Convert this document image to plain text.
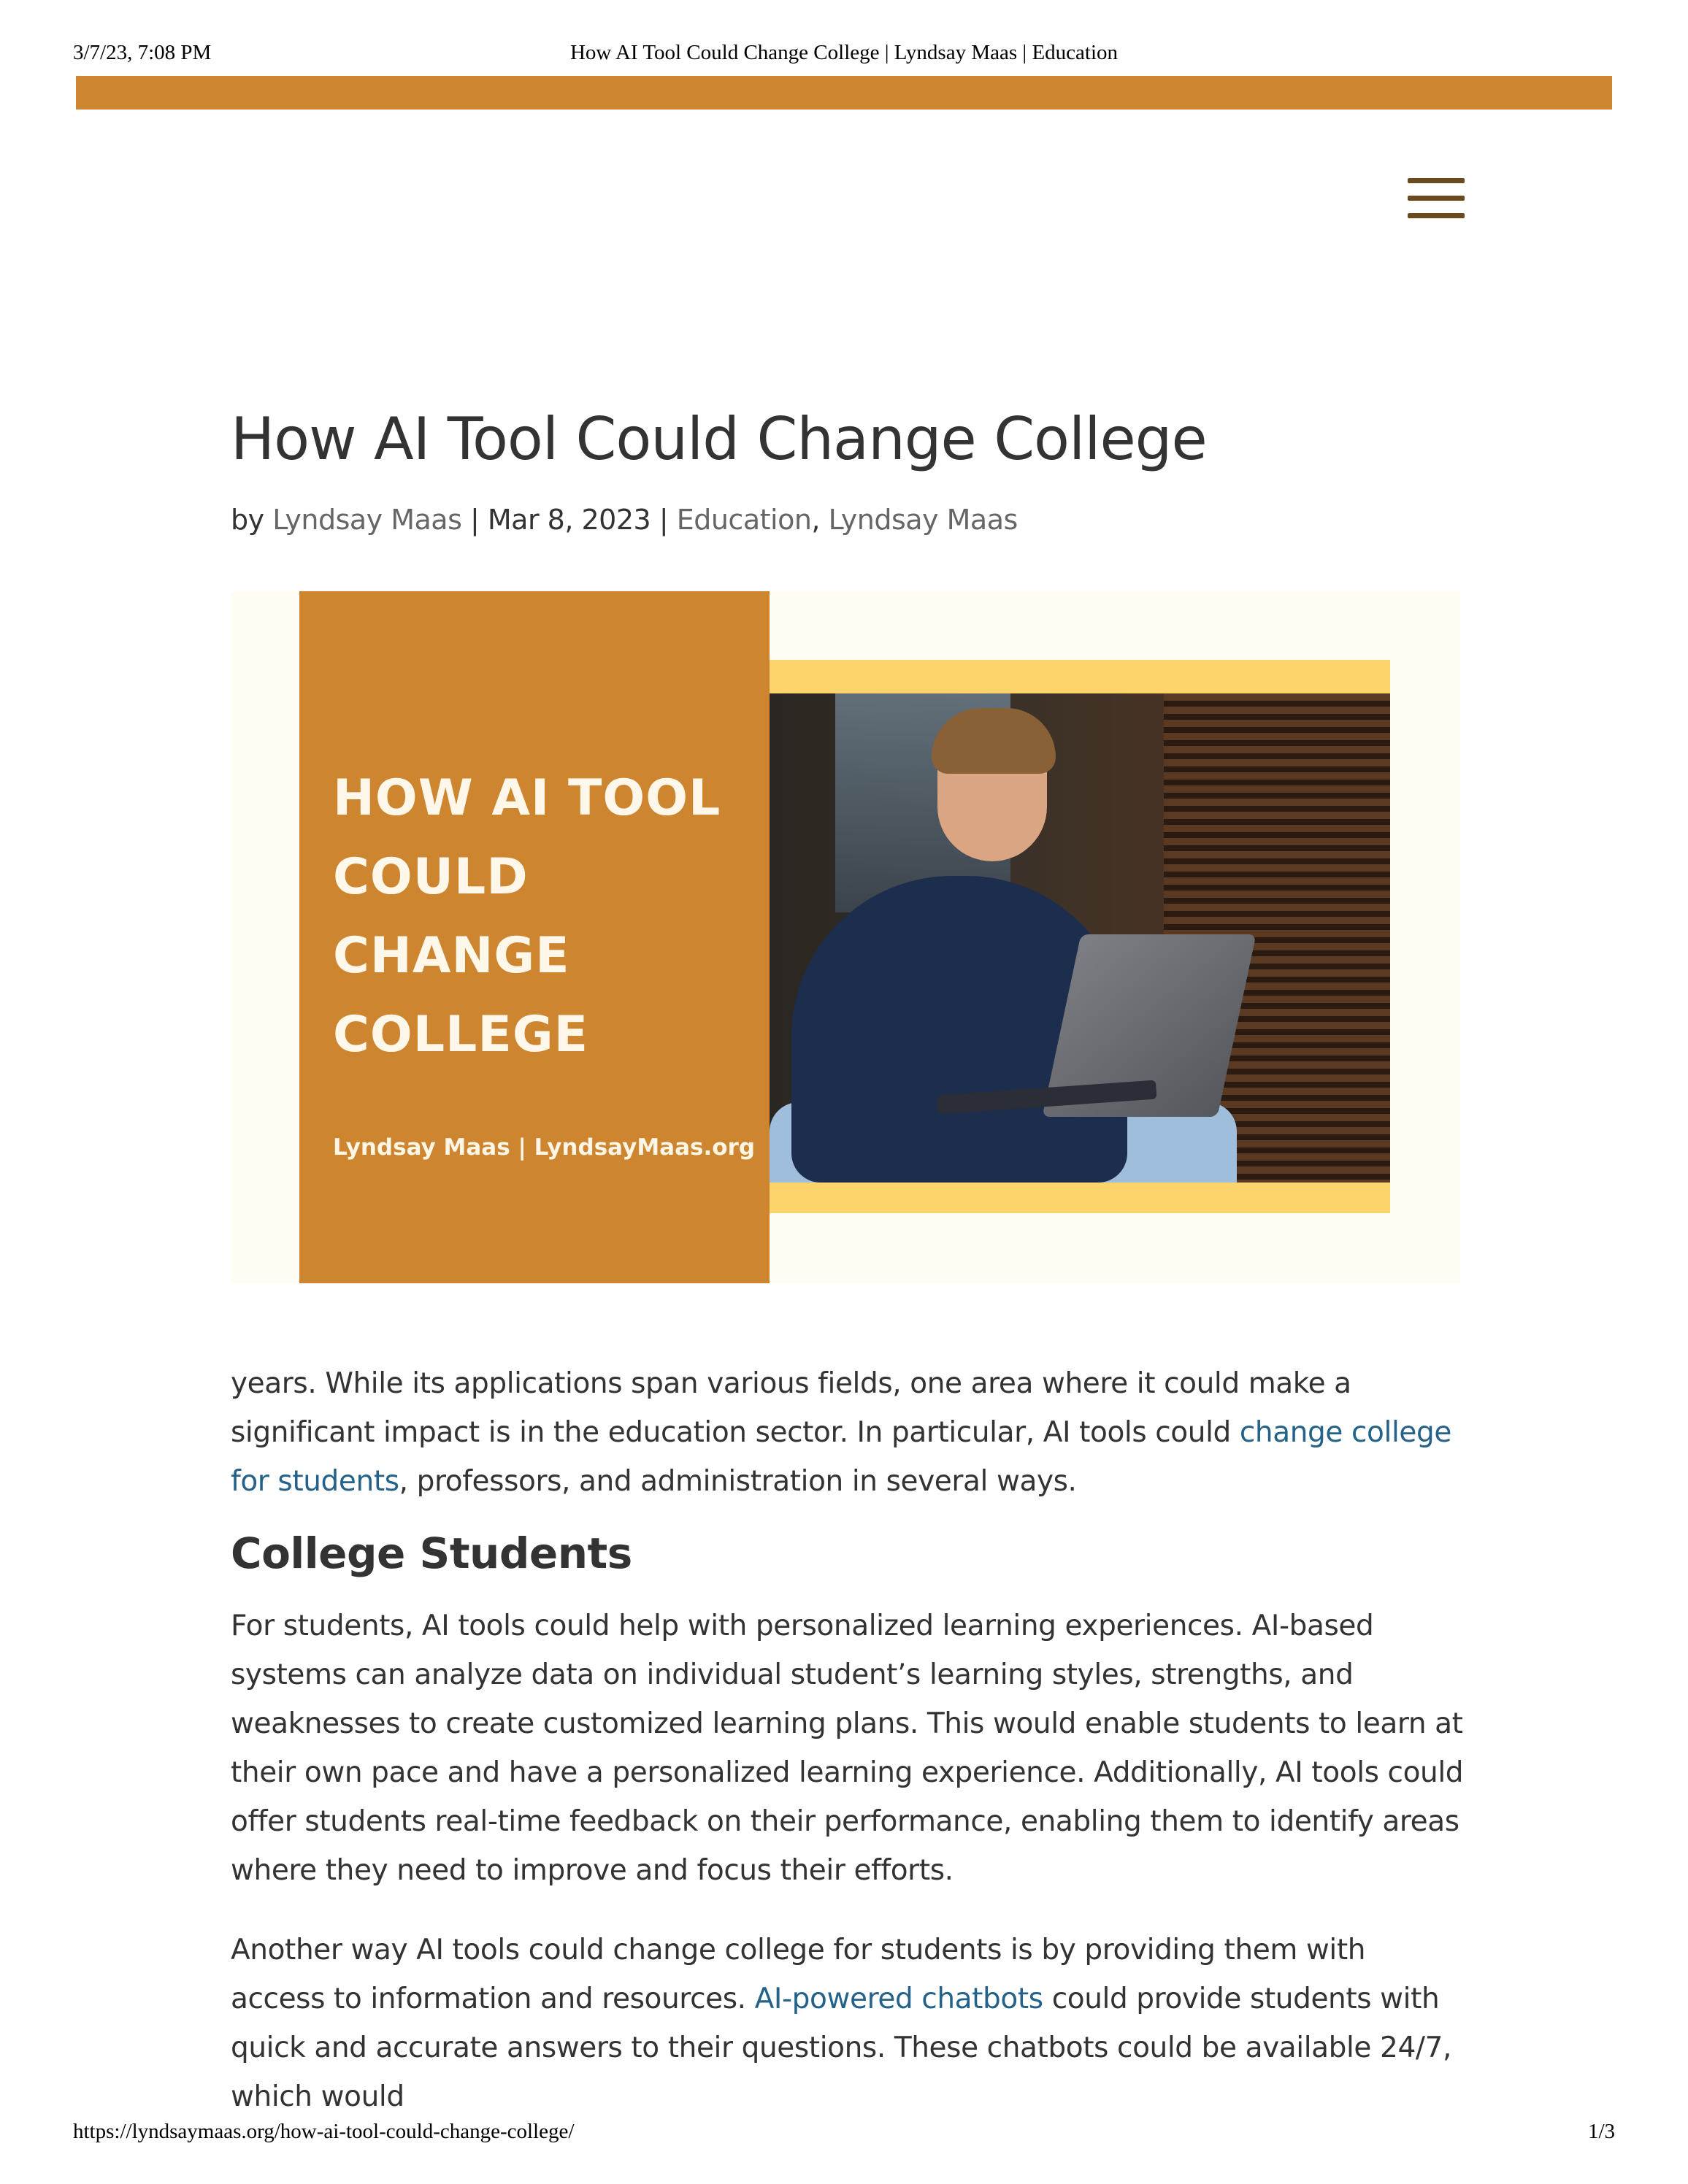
3/7/23, 7:08 PM	How AI Tool Could Change College | Lyndsay Maas | Education
How AI Tool Could Change College
by Lyndsay Maas | Mar 8, 2023 | Education, Lyndsay Maas
HOW AI TOOL
COULD
CHANGE
COLLEGE
Lyndsay Maas | LyndsayMaas.org

years. While its applications span various fields, one area where it could make a significant impact is in the education sector. In particular, AI tools could change college for students, professors, and administration in several ways.

College Students

For students, AI tools could help with personalized learning experiences. AI-based systems can analyze data on individual student’s learning styles, strengths, and weaknesses to create customized learning plans. This would enable students to learn at their own pace and have a personalized learning experience. Additionally, AI tools could offer students real-time feedback on their performance, enabling them to identify areas where they need to improve and focus their efforts.

Another way AI tools could change college for students is by providing them with access to information and resources. AI-powered chatbots could provide students with quick and accurate answers to their questions. These chatbots could be available 24/7, which would

https://lyndsaymaas.org/how-ai-tool-could-change-college/	1/3
